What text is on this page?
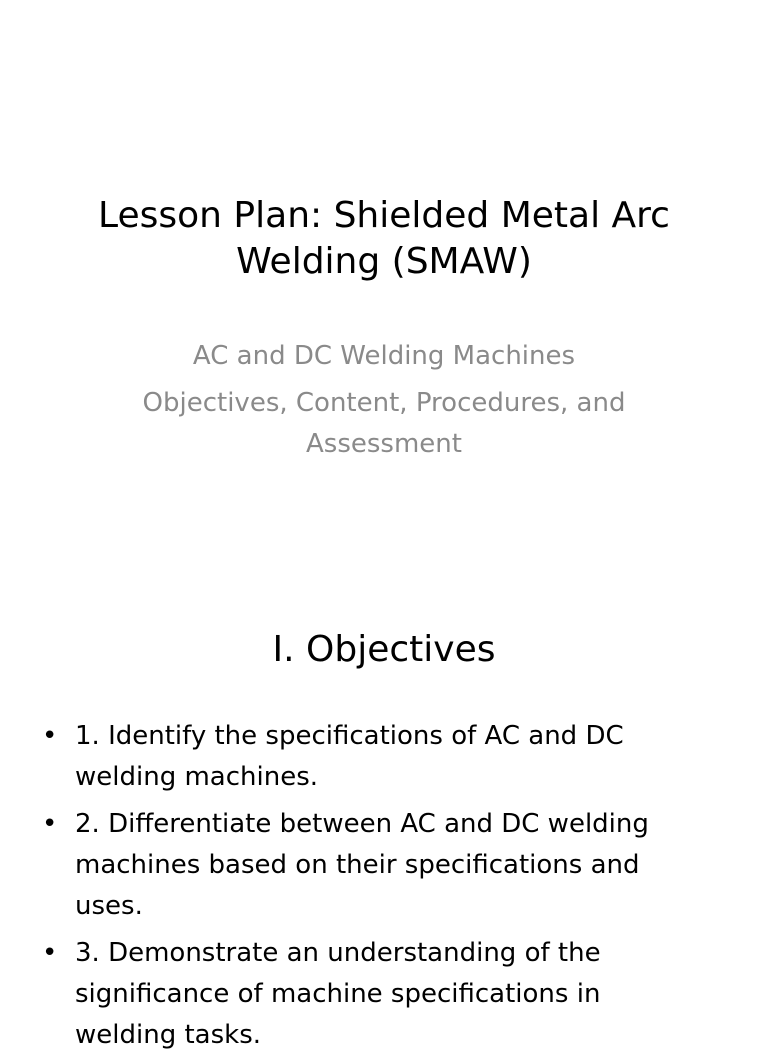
Lesson Plan: Shielded Metal Arc Welding (SMAW)

AC and DC Welding Machines

Objectives, Content, Procedures, and Assessment

I. Objectives
• 1. Identify the specifications of AC and DC welding machines.
• 2. Differentiate between AC and DC welding machines based on their specifications and uses.
• 3. Demonstrate an understanding of the significance of machine specifications in welding tasks.
